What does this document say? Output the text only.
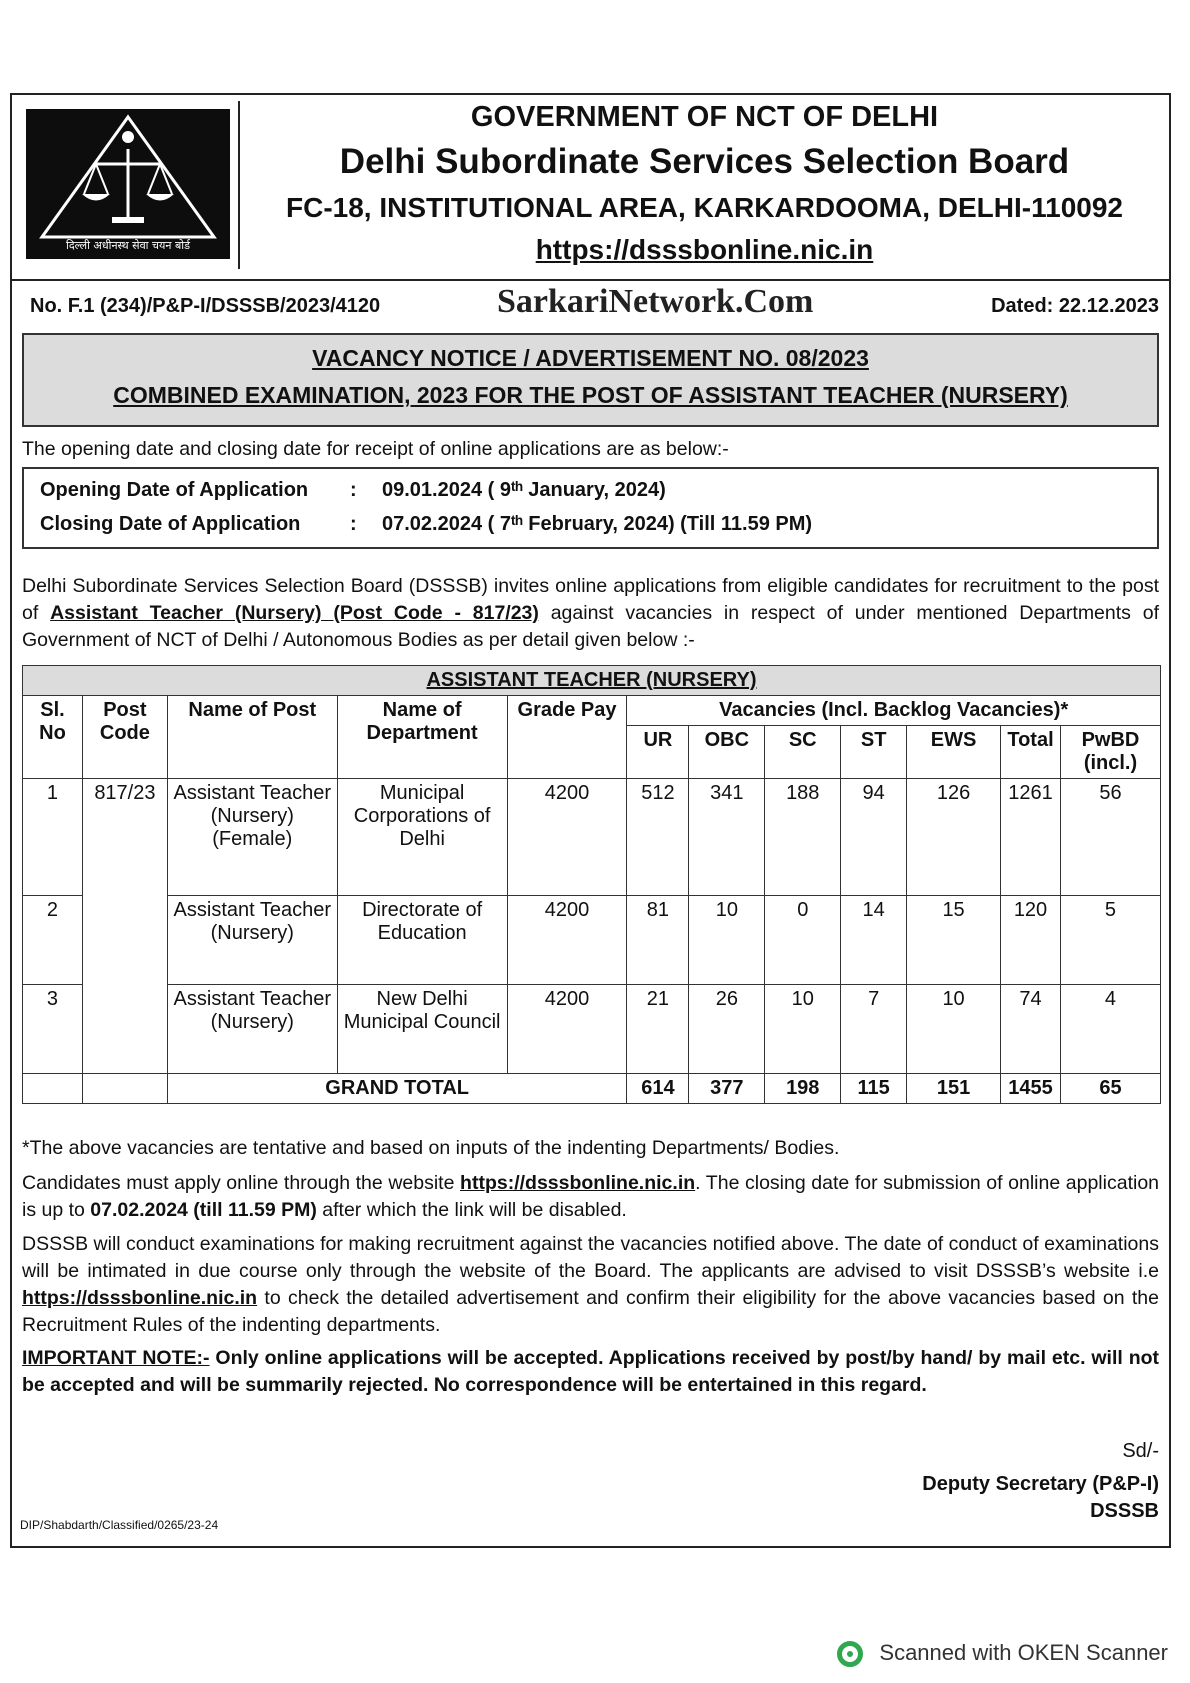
दिल्ली अधीनस्थ सेवा चयन बोर्ड
GOVERNMENT OF NCT OF DELHI
Delhi Subordinate Services Selection Board
FC-18, INSTITUTIONAL AREA, KARKARDOOMA, DELHI-110092
https://dsssbonline.nic.in
No. F.1 (234)/P&P-I/DSSSB/2023/4120	SarkariNetwork.Com	Dated: 22.12.2023
VACANCY NOTICE / ADVERTISEMENT NO. 08/2023
COMBINED EXAMINATION, 2023 FOR THE POST OF ASSISTANT TEACHER (NURSERY)
The opening date and closing date for receipt of online applications are as below:-
Opening Date of Application : 09.01.2024 ( 9ᵗʰ January, 2024)
Closing Date of Application : 07.02.2024 ( 7ᵗʰ February, 2024) (Till 11.59 PM)
Delhi Subordinate Services Selection Board (DSSSB) invites online applications from eligible candidates for recruitment to the post of Assistant Teacher (Nursery) (Post Code - 817/23) against vacancies in respect of under mentioned Departments of Government of NCT of Delhi / Autonomous Bodies as per detail given below :-
ASSISTANT TEACHER (NURSERY)											
Sl. No	Post Code	Name of Post	Name of Department	Grade Pay	Vacancies (Incl. Backlog Vacancies)*						
					UR	OBC	SC	ST	EWS	Total	PwBD (incl.)
1	817/23	Assistant Teacher (Nursery) (Female)	Municipal Corporations of Delhi	4200	512	341	188	94	126	1261	56
2		Assistant Teacher (Nursery)	Directorate of Education	4200	81	10	0	14	15	120	5
3		Assistant Teacher (Nursery)	New Delhi Municipal Council	4200	21	26	10	7	10	74	4
		GRAND TOTAL			614	377	198	115	151	1455	65
*The above vacancies are tentative and based on inputs of the indenting Departments/ Bodies.
Candidates must apply online through the website https://dsssbonline.nic.in. The closing date for submission of online application is up to 07.02.2024 (till 11.59 PM) after which the link will be disabled.
DSSSB will conduct examinations for making recruitment against the vacancies notified above. The date of conduct of examinations will be intimated in due course only through the website of the Board. The applicants are advised to visit DSSSB’s website i.e https://dsssbonline.nic.in to check the detailed advertisement and confirm their eligibility for the above vacancies based on the Recruitment Rules of the indenting departments.
IMPORTANT NOTE:- Only online applications will be accepted. Applications received by post/by hand/ by mail etc. will not be accepted and will be summarily rejected. No correspondence will be entertained in this regard.
Sd/-
Deputy Secretary (P&P-I)
DSSSB
DIP/Shabdarth/Classified/0265/23-24
Scanned with OKEN Scanner
